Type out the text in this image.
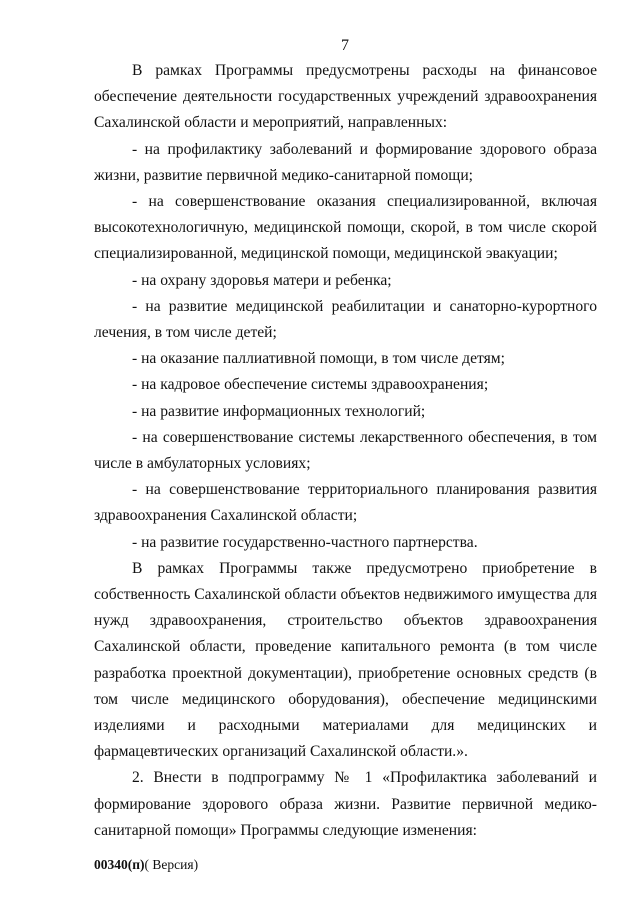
7

В рамках Программы предусмотрены расходы на финансовое обеспечение деятельности государственных учреждений здравоохранения Сахалинской области и мероприятий, направленных:

- на профилактику заболеваний и формирование здорового образа жизни, развитие первичной медико-санитарной помощи;

- на совершенствование оказания специализированной, включая высокотехнологичную, медицинской помощи, скорой, в том числе скорой специализированной, медицинской помощи, медицинской эвакуации;

- на охрану здоровья матери и ребенка;

- на развитие медицинской реабилитации и санаторно-курортного лечения, в том числе детей;

- на оказание паллиативной помощи, в том числе детям;

- на кадровое обеспечение системы здравоохранения;

- на развитие информационных технологий;

- на совершенствование системы лекарственного обеспечения, в том числе в амбулаторных условиях;

- на совершенствование территориального планирования развития здравоохранения Сахалинской области;

- на развитие государственно-частного партнерства.

В рамках Программы также предусмотрено приобретение в собственность Сахалинской области объектов недвижимого имущества для нужд здравоохранения, строительство объектов здравоохранения Сахалинской области, проведение капитального ремонта (в том числе разработка проектной документации), приобретение основных средств (в том числе медицинского оборудования), обеспечение медицинскими изделиями и расходными материалами для медицинских и фармацевтических организаций Сахалинской области.».

2. Внести в подпрограмму № 1 «Профилактика заболеваний и формирование здорового образа жизни. Развитие первичной медико-санитарной помощи» Программы следующие изменения:

00340(п)( Версия)
